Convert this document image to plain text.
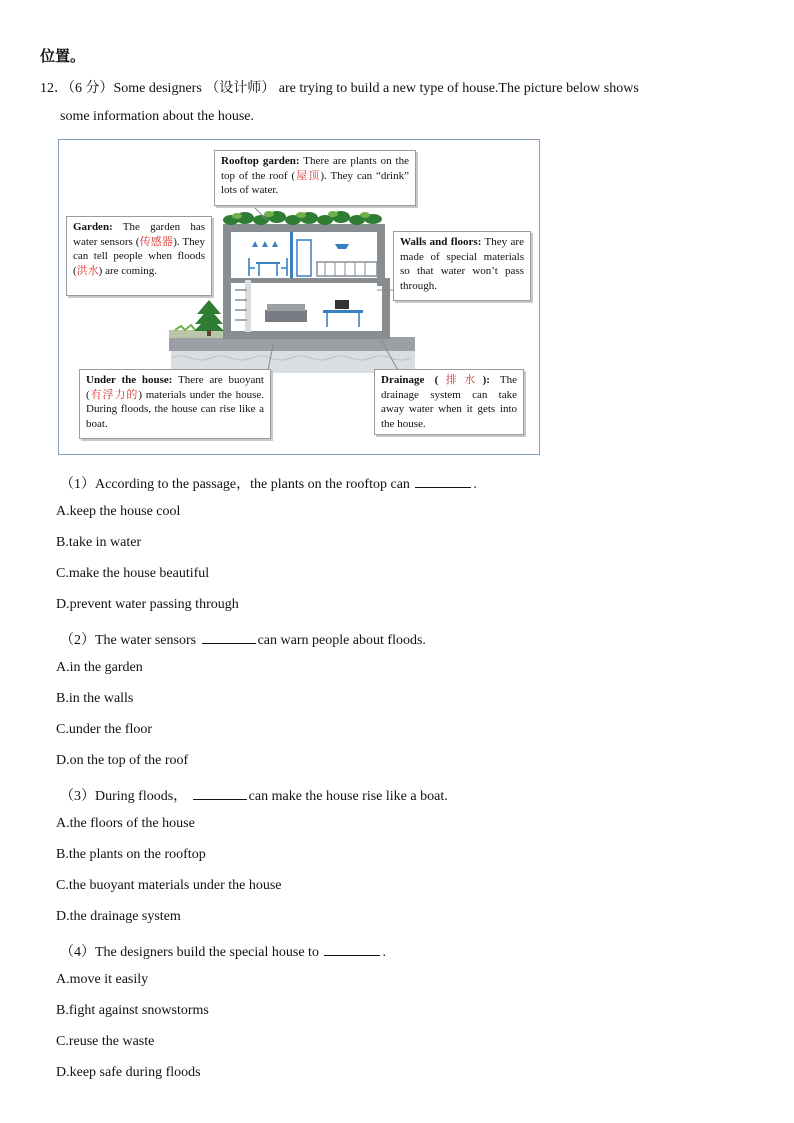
位置。
12．（6 分）Some designers （设计师） are trying to build a new type of house.The picture below shows
some information about the house.
Rooftop garden: There are plants on the top of the roof (屋顶). They can “drink” lots of water.
Garden: The garden has water sensors (传感器). They can tell people when floods (洪水) are coming.
Walls and floors: They are made of special materials so that water won’t pass through.
Under the house: There are buoyant (有浮力的) materials under the house. During floods, the house can rise like a boat.
Drainage (排水): The drainage system can take away water when it gets into the house.
（1）According to the passage，the plants on the rooftop can	.
A.keep the house cool
B.take in water
C.make the house beautiful
D.prevent water passing through
（2）The water sensors	can warn people about floods.
A.in the garden
B.in the walls
C.under the floor
D.on the top of the roof
（3）During floods，	can make the house rise like a boat.
A.the floors of the house
B.the plants on the rooftop
C.the buoyant materials under the house
D.the drainage system
（4）The designers build the special house to	.
A.move it easily
B.fight against snowstorms
C.reuse the waste
D.keep safe during floods
